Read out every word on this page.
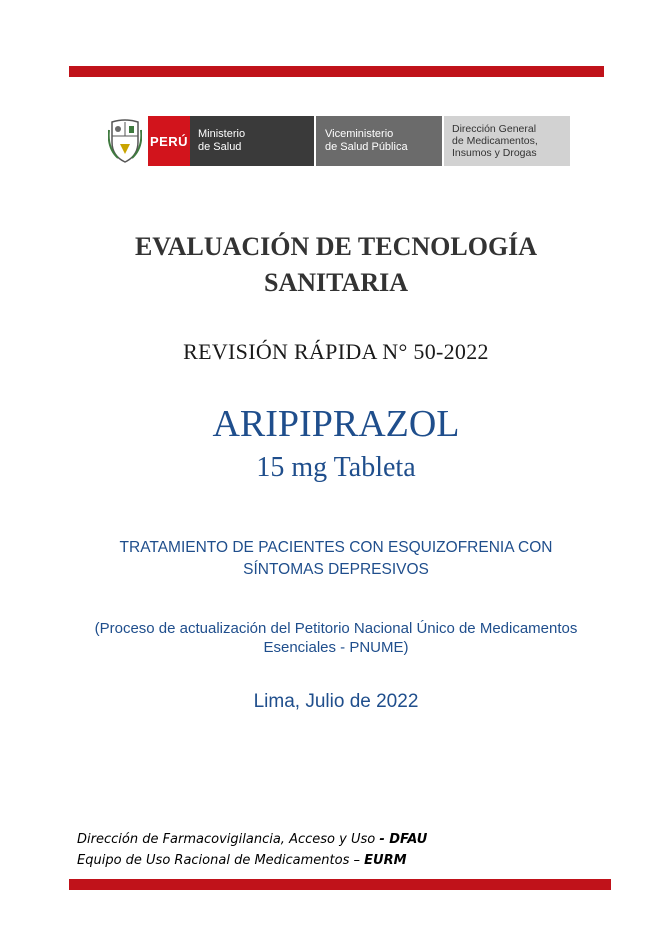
PERÚ Ministerio
de Salud
Viceministerio
de Salud Pública
Dirección General
de Medicamentos,
Insumos y Drogas
EVALUACIÓN DE TECNOLOGÍA
SANITARIA
REVISIÓN RÁPIDA N° 50-2022
ARIPIPRAZOL
15 mg Tableta
TRATAMIENTO DE PACIENTES CON ESQUIZOFRENIA CON
SÍNTOMAS DEPRESIVOS
(Proceso de actualización del Petitorio Nacional Único de Medicamentos
Esenciales - PNUME)
Lima, Julio de 2022
Dirección de Farmacovigilancia, Acceso y Uso - DFAU
Equipo de Uso Racional de Medicamentos – EURM
